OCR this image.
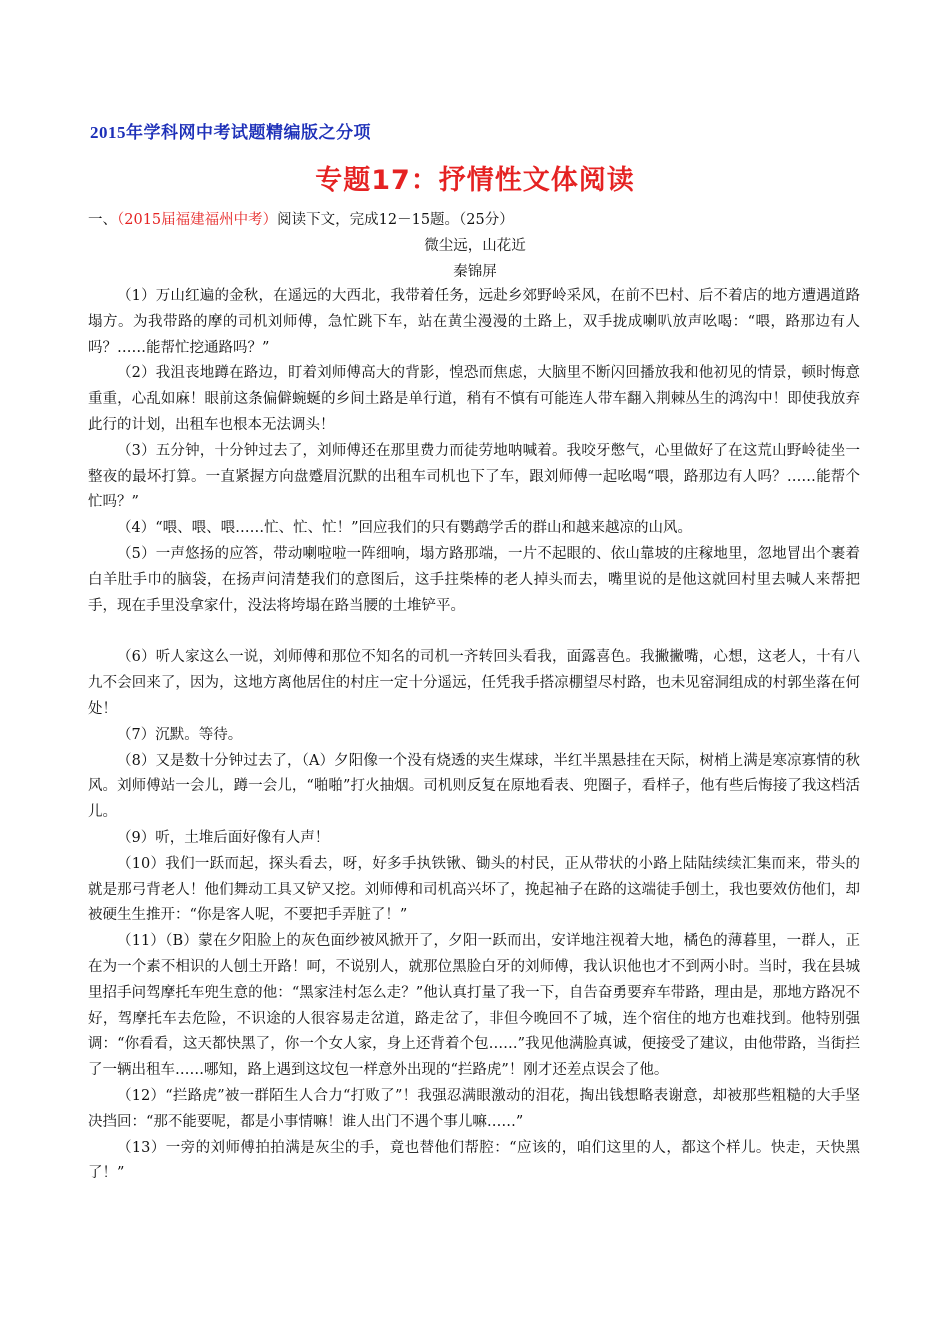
2015年学科网中考试题精编版之分项
专题17：抒情性文体阅读
一、（2015届福建福州中考）阅读下文，完成12－15题。（25分）
微尘远，山花近
秦锦屏

（1）万山红遍的金秋，在遥远的大西北，我带着任务，远赴乡郊野岭采风，在前不巴村、后不着店的地方遭遇道路塌方。为我带路的摩的司机刘师傅，急忙跳下车，站在黄尘漫漫的土路上，双手拢成喇叭放声吆喝：“喂，路那边有人吗？……能帮忙挖通路吗？”

（2）我沮丧地蹲在路边，盯着刘师傅高大的背影，惶恐而焦虑，大脑里不断闪回播放我和他初见的情景，顿时悔意重重，心乱如麻！眼前这条偏僻蜿蜒的乡间土路是单行道，稍有不慎有可能连人带车翻入荆棘丛生的鸿沟中！即使我放弃此行的计划，出租车也根本无法调头！

（3）五分钟，十分钟过去了，刘师傅还在那里费力而徒劳地呐喊着。我咬牙憋气，心里做好了在这荒山野岭徒坐一整夜的最坏打算。一直紧握方向盘蹙眉沉默的出租车司机也下了车，跟刘师傅一起吆喝“喂，路那边有人吗？……能帮个忙吗？”

（4）“喂、喂、喂……忙、忙、忙！”回应我们的只有鹦鹉学舌的群山和越来越凉的山风。

（5）一声悠扬的应答，带动喇啦啦一阵细响，塌方路那端，一片不起眼的、依山靠坡的庄稼地里，忽地冒出个裹着白羊肚手巾的脑袋，在扬声问清楚我们的意图后，这手拄柴棒的老人掉头而去，嘴里说的是他这就回村里去喊人来帮把手，现在手里没拿家什，没法将垮塌在路当腰的土堆铲平。

（6）听人家这么一说，刘师傅和那位不知名的司机一齐转回头看我，面露喜色。我撇撇嘴，心想，这老人，十有八九不会回来了，因为，这地方离他居住的村庄一定十分遥远，任凭我手搭凉棚望尽村路，也未见窑洞组成的村郭坐落在何处！

（7）沉默。等待。

（8）又是数十分钟过去了，（A）夕阳像一个没有烧透的夹生煤球，半红半黑悬挂在天际，树梢上满是寒凉寡情的秋风。刘师傅站一会儿，蹲一会儿，“啪啪”打火抽烟。司机则反复在原地看表、兜圈子，看样子，他有些后悔接了我这档活儿。

（9）听，土堆后面好像有人声！

（10）我们一跃而起，探头看去，呀，好多手执铁锹、锄头的村民，正从带状的小路上陆陆续续汇集而来，带头的就是那弓背老人！他们舞动工具又铲又挖。刘师傅和司机高兴坏了，挽起袖子在路的这端徒手刨土，我也要效仿他们，却被硬生生推开：“你是客人呢，不要把手弄脏了！”

（11）（B）蒙在夕阳脸上的灰色面纱被风掀开了，夕阳一跃而出，安详地注视着大地，橘色的薄暮里，一群人，正在为一个素不相识的人刨土开路！呵，不说别人，就那位黑脸白牙的刘师傅，我认识他也才不到两小时。当时，我在县城里招手问驾摩托车兜生意的他：“黑家洼村怎么走？”他认真打量了我一下，自告奋勇要弃车带路，理由是，那地方路况不好，驾摩托车去危险，不识途的人很容易走岔道，路走岔了，非但今晚回不了城，连个宿住的地方也难找到。他特别强调：“你看看，这天都快黑了，你一个女人家，身上还背着个包……”我见他满脸真诚，便接受了建议，由他带路，当街拦了一辆出租车……哪知，路上遇到这坟包一样意外出现的“拦路虎”！刚才还差点误会了他。

（12）“拦路虎”被一群陌生人合力“打败了”！我强忍满眼激动的泪花，掏出钱想略表谢意，却被那些粗糙的大手坚决挡回：“那不能要呢，都是小事情嘛！谁人出门不遇个事儿嘛……”

（13）一旁的刘师傅拍拍满是灰尘的手，竟也替他们帮腔：“应该的，咱们这里的人，都这个样儿。快走，天快黑了！”
